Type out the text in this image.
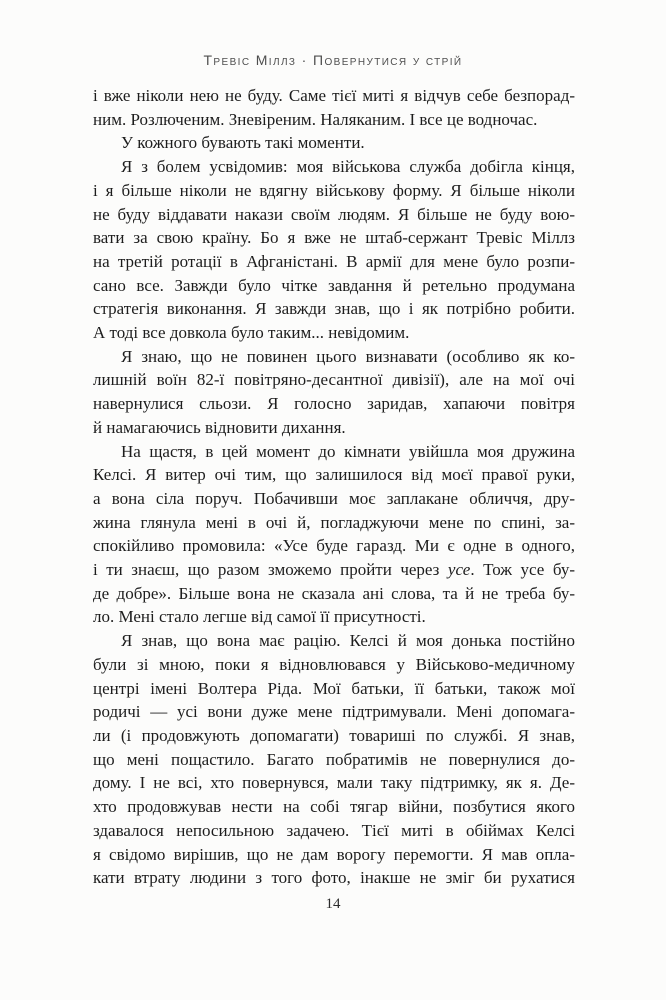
Тревіс Міллз · Повернутися у стрій
і вже ніколи нею не буду. Саме тієї миті я відчув себе безпорад-
ним. Розлюченим. Зневіреним. Наляканим. І все це водночас.
У кожного бувають такі моменти.
Я з болем усвідомив: моя військова служба добігла кінця,
і я більше ніколи не вдягну військову форму. Я більше ніколи
не буду віддавати накази своїм людям. Я більше не буду вою-
вати за свою країну. Бо я вже не штаб-сержант Тревіс Міллз
на третій ротації в Афганістані. В армії для мене було розпи-
сано все. Завжди було чітке завдання й ретельно продумана
стратегія виконання. Я завжди знав, що і як потрібно робити.
А тоді все довкола було таким... невідомим.
Я знаю, що не повинен цього визнавати (особливо як ко-
лишній воїн 82-ї повітряно-десантної дивізії), але на мої очі
навернулися сльози. Я голосно заридав, хапаючи повітря
й намагаючись відновити дихання.
На щастя, в цей момент до кімнати увійшла моя дружина
Келсі. Я витер очі тим, що залишилося від моєї правої руки,
а вона сіла поруч. Побачивши моє заплакане обличчя, дру-
жина глянула мені в очі й, погладжуючи мене по спині, за-
спокійливо промовила: «Усе буде гаразд. Ми є одне в одного,
і ти знаєш, що разом зможемо пройти через усе. Тож усе бу-
де добре». Більше вона не сказала ані слова, та й не треба бу-
ло. Мені стало легше від самої її присутності.
Я знав, що вона має рацію. Келсі й моя донька постійно
були зі мною, поки я відновлювався у Військово-медичному
центрі імені Волтера Ріда. Мої батьки, її батьки, також мої
родичі — усі вони дуже мене підтримували. Мені допомага-
ли (і продовжують допомагати) товариші по службі. Я знав,
що мені пощастило. Багато побратимів не повернулися до-
дому. І не всі, хто повернувся, мали таку підтримку, як я. Де-
хто продовжував нести на собі тягар війни, позбутися якого
здавалося непосильною задачею. Тієї миті в обіймах Келсі
я свідомо вирішив, що не дам ворогу перемогти. Я мав опла-
кати втрату людини з того фото, інакше не зміг би рухатися
14
